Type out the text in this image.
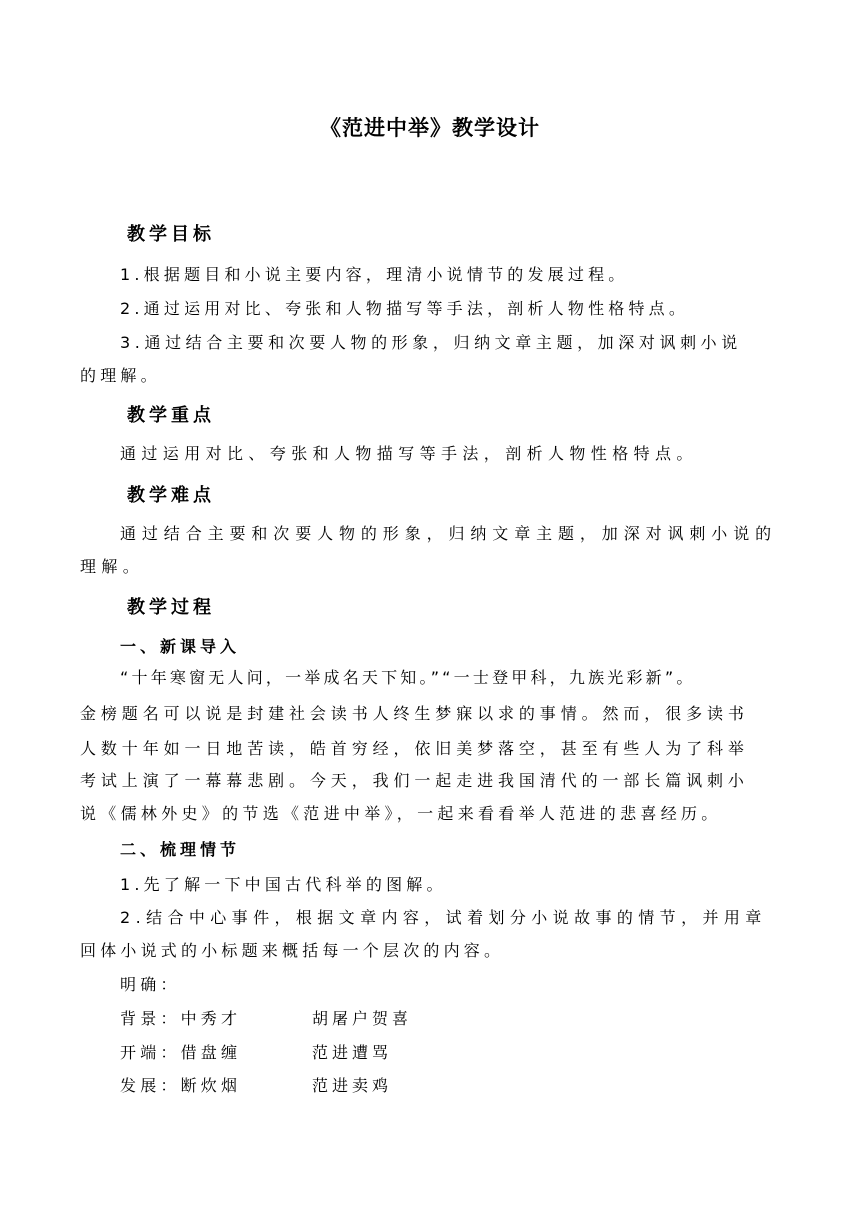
《范进中举》教学设计
教学目标
1.根据题目和小说主要内容，理清小说情节的发展过程。
2.通过运用对比、夸张和人物描写等手法，剖析人物性格特点。
3.通过结合主要和次要人物的形象，归纳文章主题，加深对讽刺小说
的理解。
教学重点
通过运用对比、夸张和人物描写等手法，剖析人物性格特点。
教学难点
通过结合主要和次要人物的形象，归纳文章主题，加深对讽刺小说的
理解。
教学过程
一、新课导入
“十年寒窗无人问，一举成名天下知。”“一士登甲科，九族光彩新”。
金榜题名可以说是封建社会读书人终生梦寐以求的事情。然而，很多读书
人数十年如一日地苦读，皓首穷经，依旧美梦落空，甚至有些人为了科举
考试上演了一幕幕悲剧。今天，我们一起走进我国清代的一部长篇讽刺小
说《儒林外史》的节选《范进中举》，一起来看看举人范进的悲喜经历。
二、梳理情节
1.先了解一下中国古代科举的图解。
2.结合中心事件，根据文章内容，试着划分小说故事的情节，并用章
回体小说式的小标题来概括每一个层次的内容。
明确：
背景：中秀才	胡屠户贺喜
开端：借盘缠	范进遭骂
发展：断炊烟	范进卖鸡
